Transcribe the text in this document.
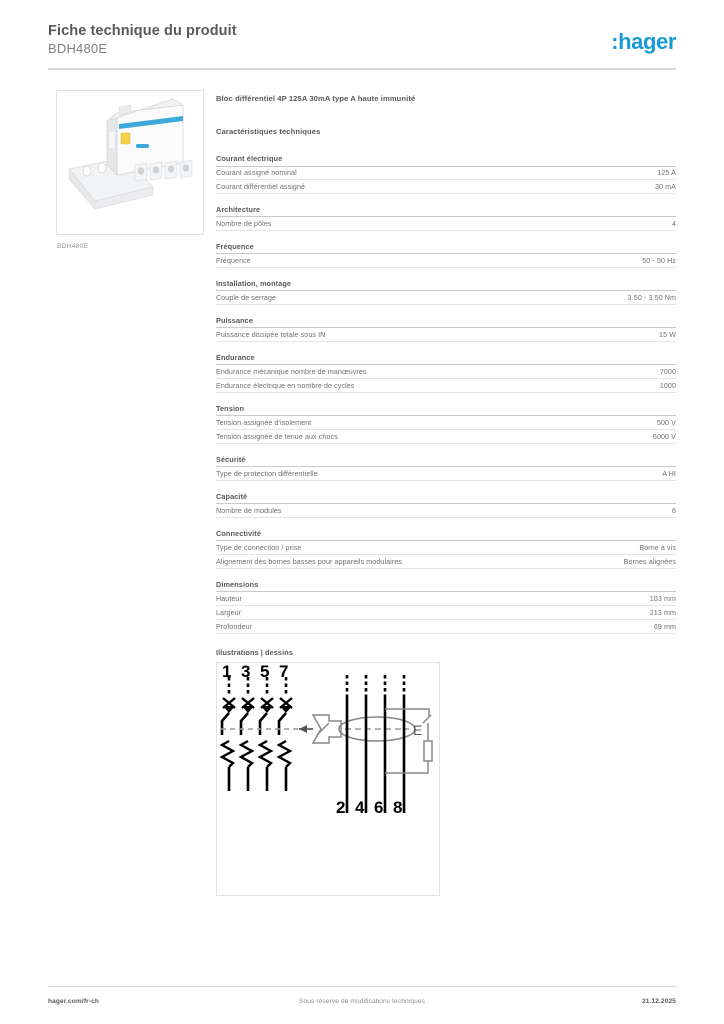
Fiche technique du produit
BDH480E	:hager
BDH480E
Bloc différentiel 4P 125A 30mA type A haute immunité
Caractéristiques techniques
Courant électrique
Courant assigné nominal	125 A
Courant différentiel assigné	30 mA
Architecture
Nombre de pôles	4
Fréquence
Fréquence	50 - 50 Hz
Installation, montage
Couple de serrage	3.50 - 3.50 Nm
Puissance
Puissance dissipée totale sous IN	15 W
Endurance
Endurance mécanique nombre de manœuvres	7000
Endurance électrique en nombre de cycles	1000
Tension
Tension assignée d'isolement	500 V
Tension assignée de tenue aux chocs	6000 V
Sécurité
Type de protection différentielle	A HI
Capacité
Nombre de modules	6
Connectivité
Type de connection / prise	Borne à vis
Alignement des bornes basses pour appareils modulaires	Bornes alignées
Dimensions
Hauteur	103 mm
Largeur	213 mm
Profondeur	69 mm
Illustrations | dessins
1 3 5 7
2 4 6 8
E
hager.com/fr-ch	Sous réserve de modifications techniques	21.12.2025
